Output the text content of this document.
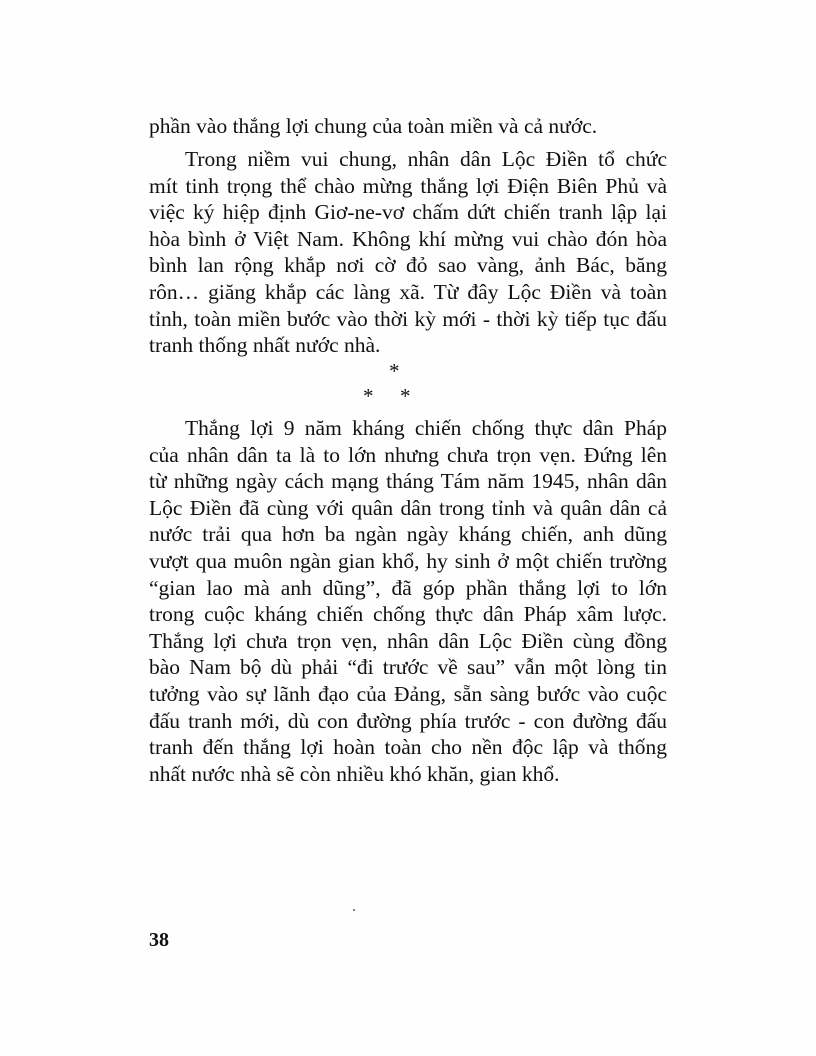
phần vào thắng lợi chung của toàn miền và cả nước.
Trong niềm vui chung, nhân dân Lộc Điền tổ chức
mít tinh trọng thể chào mừng thắng lợi Điện Biên Phủ và
việc ký hiệp định Giơ-ne-vơ chấm dứt chiến tranh lập lại
hòa bình ở Việt Nam. Không khí mừng vui chào đón hòa
bình lan rộng khắp nơi cờ đỏ sao vàng, ảnh Bác, băng
rôn… giăng khắp các làng xã. Từ đây Lộc Điền và toàn
tỉnh, toàn miền bước vào thời kỳ mới - thời kỳ tiếp tục đấu
tranh thống nhất nước nhà.
*
* *
Thắng lợi 9 năm kháng chiến chống thực dân Pháp
của nhân dân ta là to lớn nhưng chưa trọn vẹn. Đứng lên
từ những ngày cách mạng tháng Tám năm 1945, nhân dân
Lộc Điền đã cùng với quân dân trong tỉnh và quân dân cả
nước trải qua hơn ba ngàn ngày kháng chiến, anh dũng
vượt qua muôn ngàn gian khổ, hy sinh ở một chiến trường
“gian lao mà anh dũng”, đã góp phần thắng lợi to lớn
trong cuộc kháng chiến chống thực dân Pháp xâm lược.
Thắng lợi chưa trọn vẹn, nhân dân Lộc Điền cùng đồng
bào Nam bộ dù phải “đi trước về sau” vẫn một lòng tin
tưởng vào sự lãnh đạo của Đảng, sẵn sàng bước vào cuộc
đấu tranh mới, dù con đường phía trước - con đường đấu
tranh đến thắng lợi hoàn toàn cho nền độc lập và thống
nhất nước nhà sẽ còn nhiều khó khăn, gian khổ.
38
